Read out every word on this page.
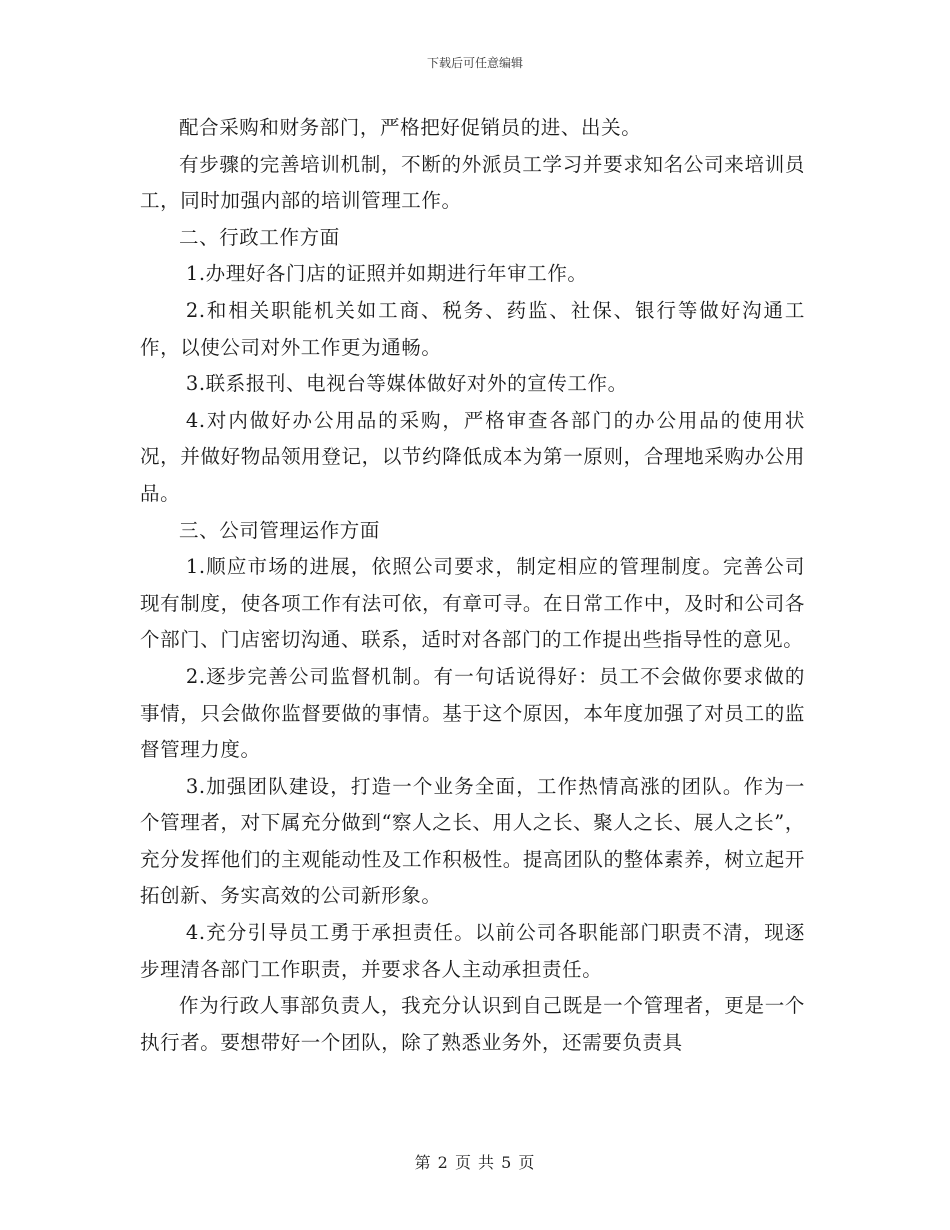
下载后可任意编辑

配合采购和财务部门，严格把好促销员的进、出关。

有步骤的完善培训机制，不断的外派员工学习并要求知名公司来培训员工，同时加强内部的培训管理工作。

二、行政工作方面

1.办理好各门店的证照并如期进行年审工作。

2.和相关职能机关如工商、税务、药监、社保、银行等做好沟通工作，以使公司对外工作更为通畅。

3.联系报刊、电视台等媒体做好对外的宣传工作。

4.对内做好办公用品的采购，严格审查各部门的办公用品的使用状况，并做好物品领用登记，以节约降低成本为第一原则，合理地采购办公用品。

三、公司管理运作方面

1.顺应市场的进展，依照公司要求，制定相应的管理制度。完善公司现有制度，使各项工作有法可依，有章可寻。在日常工作中，及时和公司各个部门、门店密切沟通、联系，适时对各部门的工作提出些指导性的意见。

2.逐步完善公司监督机制。有一句话说得好：员工不会做你要求做的事情，只会做你监督要做的事情。基于这个原因，本年度加强了对员工的监督管理力度。

3.加强团队建设，打造一个业务全面，工作热情高涨的团队。作为一个管理者，对下属充分做到“察人之长、用人之长、聚人之长、展人之长”，充分发挥他们的主观能动性及工作积极性。提高团队的整体素养，树立起开拓创新、务实高效的公司新形象。

4.充分引导员工勇于承担责任。以前公司各职能部门职责不清，现逐步理清各部门工作职责，并要求各人主动承担责任。

作为行政人事部负责人，我充分认识到自己既是一个管理者，更是一个执行者。要想带好一个团队，除了熟悉业务外，还需要负责具

第 2 页 共 5 页
